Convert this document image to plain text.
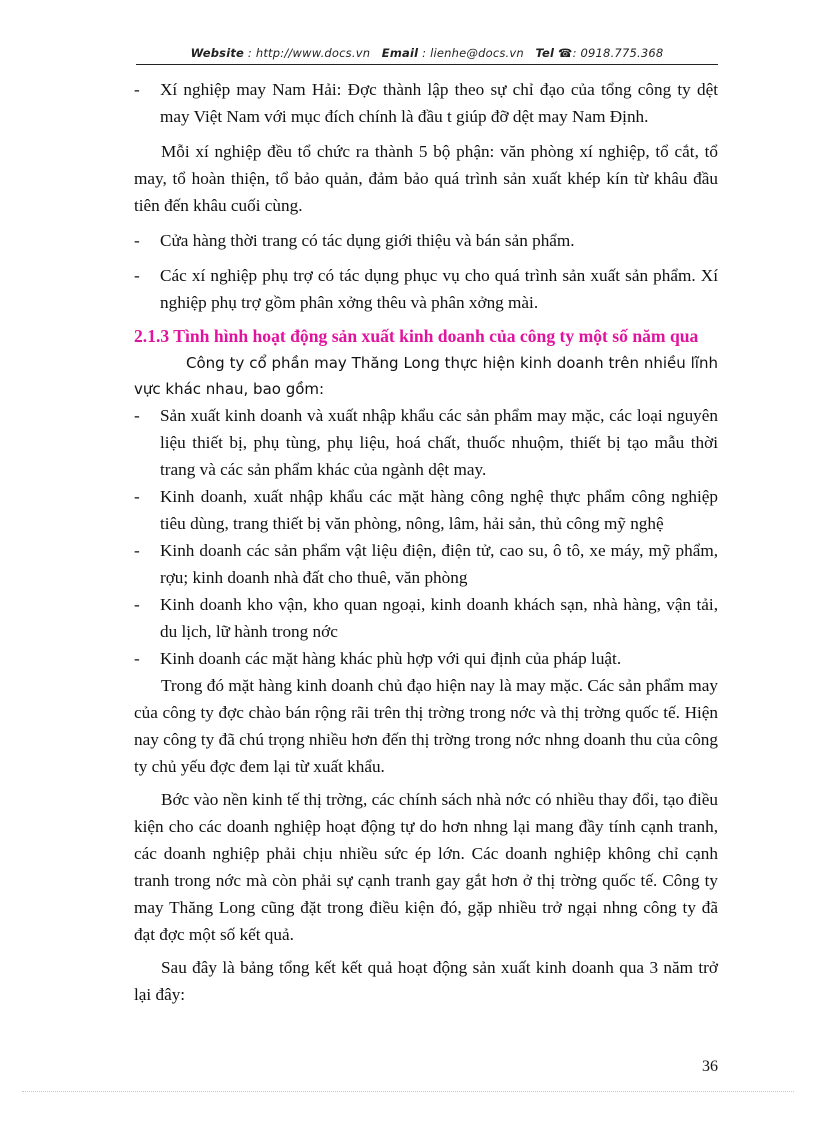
Website : http://www.docs.vn Email : lienhe@docs.vn Tel ☎: 0918.775.368

- Xí nghiệp may Nam Hải: Đợc thành lập theo sự chỉ đạo của tổng công ty dệt may Việt Nam với mục đích chính là đầu t giúp đỡ dệt may Nam Định.

Mỗi xí nghiệp đều tổ chức ra thành 5 bộ phận: văn phòng xí nghiệp, tổ cắt, tổ may, tổ hoàn thiện, tổ bảo quản, đảm bảo quá trình sản xuất khép kín từ khâu đầu tiên đến khâu cuối cùng.

- Cửa hàng thời trang có tác dụng giới thiệu và bán sản phẩm.

- Các xí nghiệp phụ trợ có tác dụng phục vụ cho quá trình sản xuất sản phẩm. Xí nghiệp phụ trợ gồm phân xởng thêu và phân xởng mài.

2.1.3 Tình hình hoạt động sản xuất kinh doanh của công ty một số năm qua

Công ty cổ phần may Thăng Long thực hiện kinh doanh trên nhiều lĩnh vực khác nhau, bao gồm:

- Sản xuất kinh doanh và xuất nhập khẩu các sản phẩm may mặc, các loại nguyên liệu thiết bị, phụ tùng, phụ liệu, hoá chất, thuốc nhuộm, thiết bị tạo mẫu thời trang và các sản phẩm khác của ngành dệt may.

- Kinh doanh, xuất nhập khẩu các mặt hàng công nghệ thực phẩm công nghiệp tiêu dùng, trang thiết bị văn phòng, nông, lâm, hải sản, thủ công mỹ nghệ

- Kinh doanh các sản phẩm vật liệu điện, điện tử, cao su, ô tô, xe máy, mỹ phẩm, rợu; kinh doanh nhà đất cho thuê, văn phòng

- Kinh doanh kho vận, kho quan ngoại, kinh doanh khách sạn, nhà hàng, vận tải, du lịch, lữ hành trong nớc

- Kinh doanh các mặt hàng khác phù hợp với qui định của pháp luật.

Trong đó mặt hàng kinh doanh chủ đạo hiện nay là may mặc. Các sản phẩm may của công ty đợc chào bán rộng rãi trên thị trờng trong nớc và thị trờng quốc tế. Hiện nay công ty đã chú trọng nhiều hơn đến thị trờng trong nớc nhng doanh thu của công ty chủ yếu đợc đem lại từ xuất khẩu.

Bớc vào nền kinh tế thị trờng, các chính sách nhà nớc có nhiều thay đổi, tạo điều kiện cho các doanh nghiệp hoạt động tự do hơn nhng lại mang đầy tính cạnh tranh, các doanh nghiệp phải chịu nhiều sức ép lớn. Các doanh nghiệp không chỉ cạnh tranh trong nớc mà còn phải sự cạnh tranh gay gắt hơn ở thị trờng quốc tế. Công ty may Thăng Long cũng đặt trong điều kiện đó, gặp nhiều trở ngại nhng công ty đã đạt đợc một số kết quả.

Sau đây là bảng tổng kết kết quả hoạt động sản xuất kinh doanh qua 3 năm trở lại đây:

36
